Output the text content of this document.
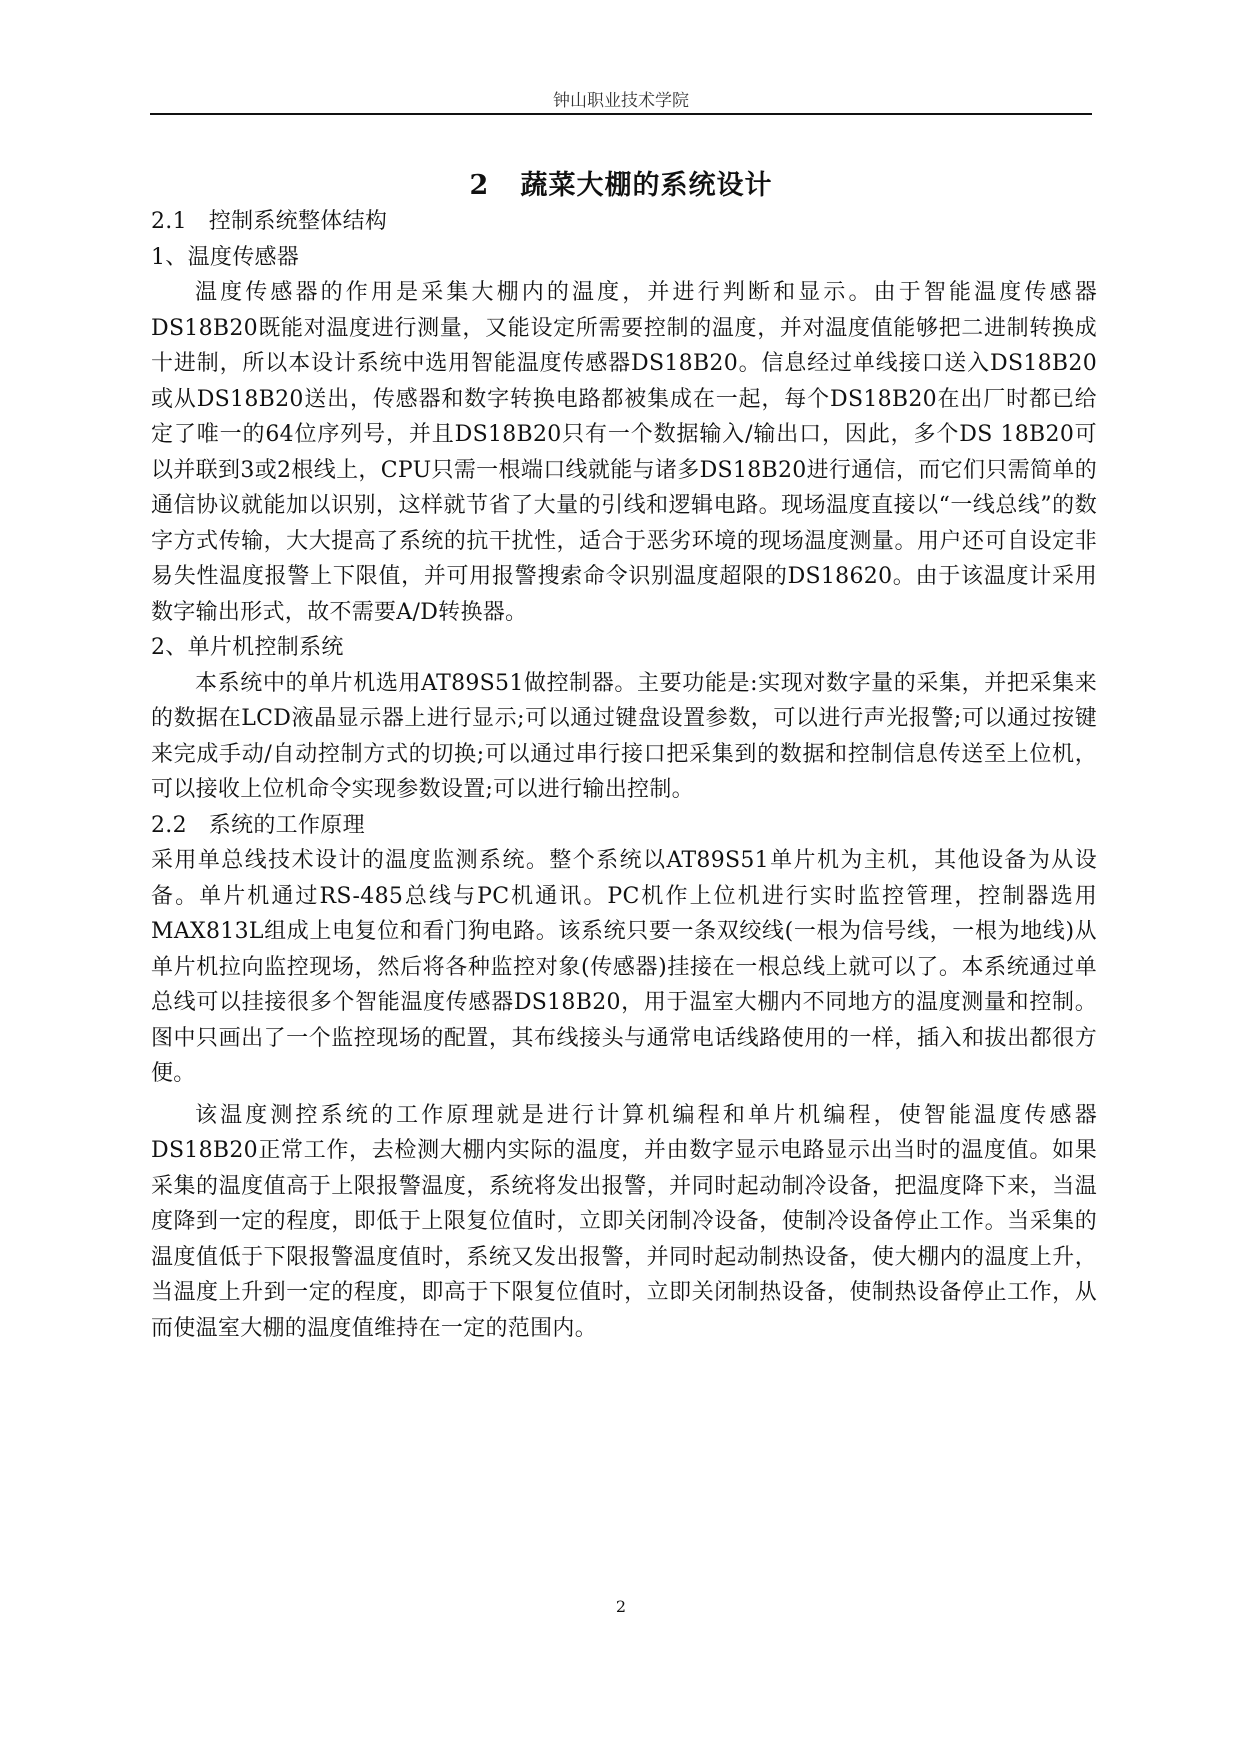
钟山职业技术学院
2   蔬菜大棚的系统设计

2.1   控制系统整体结构

1、温度传感器

温度传感器的作用是采集大棚内的温度，并进行判断和显示。由于智能温度传感器DS18B20既能对温度进行测量，又能设定所需要控制的温度，并对温度值能够把二进制转换成十进制，所以本设计系统中选用智能温度传感器DS18B20。信息经过单线接口送入DS18B20或从DS18B20送出，传感器和数字转换电路都被集成在一起，每个DS18B20在出厂时都已给定了唯一的64位序列号，并且DS18B20只有一个数据输入/输出口，因此，多个DS 18B20可以并联到3或2根线上，CPU只需一根端口线就能与诸多DS18B20进行通信，而它们只需简单的通信协议就能加以识别，这样就节省了大量的引线和逻辑电路。现场温度直接以“一线总线”的数字方式传输，大大提高了系统的抗干扰性，适合于恶劣环境的现场温度测量。用户还可自设定非易失性温度报警上下限值，并可用报警搜索命令识别温度超限的DS18620。由于该温度计采用数字输出形式，故不需要A/D转换器。

2、单片机控制系统

本系统中的单片机选用AT89S51做控制器。主要功能是:实现对数字量的采集，并把采集来的数据在LCD液晶显示器上进行显示;可以通过键盘设置参数，可以进行声光报警;可以通过按键来完成手动/自动控制方式的切换;可以通过串行接口把采集到的数据和控制信息传送至上位机，可以接收上位机命令实现参数设置;可以进行输出控制。

2.2   系统的工作原理

采用单总线技术设计的温度监测系统。整个系统以AT89S51单片机为主机，其他设备为从设备。单片机通过RS-485总线与PC机通讯。PC机作上位机进行实时监控管理，控制器选用MAX813L组成上电复位和看门狗电路。该系统只要一条双绞线(一根为信号线，一根为地线)从单片机拉向监控现场，然后将各种监控对象(传感器)挂接在一根总线上就可以了。本系统通过单总线可以挂接很多个智能温度传感器DS18B20，用于温室大棚内不同地方的温度测量和控制。图中只画出了一个监控现场的配置，其布线接头与通常电话线路使用的一样，插入和拔出都很方便。

该温度测控系统的工作原理就是进行计算机编程和单片机编程，使智能温度传感器DS18B20正常工作，去检测大棚内实际的温度，并由数字显示电路显示出当时的温度值。如果采集的温度值高于上限报警温度，系统将发出报警，并同时起动制冷设备，把温度降下来，当温度降到一定的程度，即低于上限复位值时，立即关闭制冷设备，使制冷设备停止工作。当采集的温度值低于下限报警温度值时，系统又发出报警，并同时起动制热设备，使大棚内的温度上升，当温度上升到一定的程度，即高于下限复位值时，立即关闭制热设备，使制热设备停止工作，从而使温室大棚的温度值维持在一定的范围内。

2
